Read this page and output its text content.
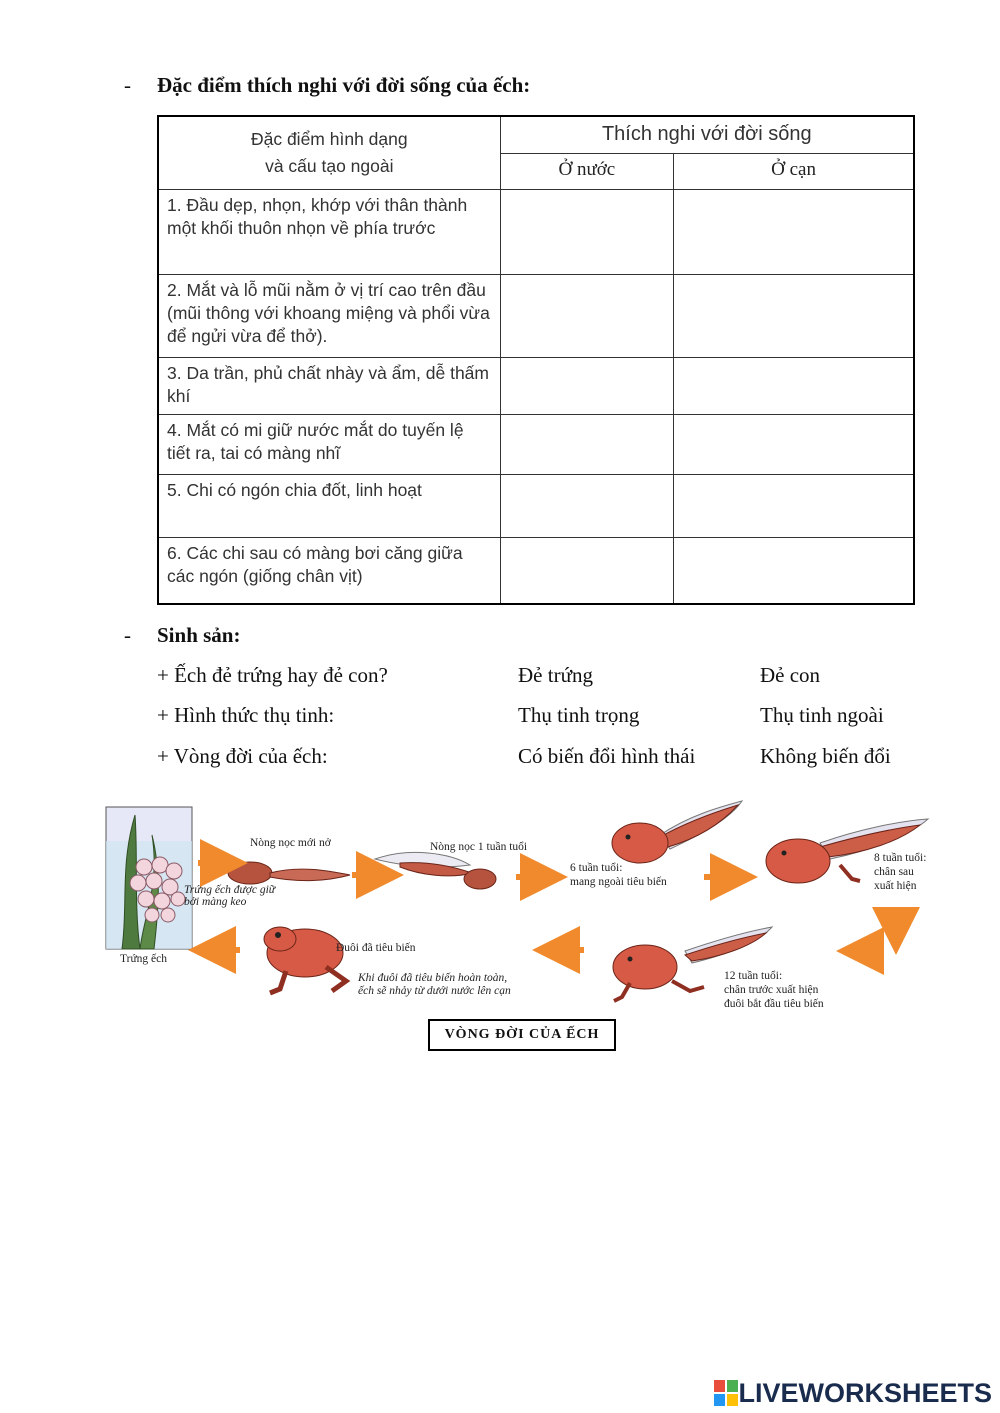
- Đặc điểm thích nghi với đời sống của ếch:
Đặc điểm hình dạng
và cấu tạo ngoài	Thích nghi với đời sống	
	Ở nước	Ở cạn
1. Đầu dẹp, nhọn, khớp với thân thành một khối thuôn nhọn về phía trước		
2. Mắt và lỗ mũi nằm ở vị trí cao trên đầu (mũi thông với khoang miệng và phổi vừa để ngửi vừa để thở).		
3. Da trần, phủ chất nhày và ẩm, dễ thấm khí		
4. Mắt có mi giữ nước mắt do tuyến lệ tiết ra, tai có màng nhĩ		
5. Chi có ngón chia đốt, linh hoạt		
6. Các chi sau có màng bơi căng giữa các ngón (giống chân vịt)		
- Sinh sản:
+ Ếch đẻ trứng hay đẻ con?	Đẻ trứng	Đẻ con
+ Hình thức thụ tinh:	Thụ tinh trọng	Thụ tinh ngoài
+ Vòng đời của ếch:	Có biến đổi hình thái	Không biến đổi
Trứng ếch
Trứng ếch được giữ
bởi màng keo
Nòng nọc mới nở	Nòng nọc 1 tuần tuổi
6 tuần tuổi:
mang ngoài tiêu biến
8 tuần tuổi:
chân sau
xuất hiện
12 tuần tuổi:
chân trước xuất hiện
đuôi bắt đầu tiêu biến
Đuôi đã tiêu biến
Khi đuôi đã tiêu biến hoàn toàn,
ếch sẽ nhảy từ dưới nước lên cạn
VÒNG ĐỜI CỦA ẾCH
LIVEWORKSHEETS
